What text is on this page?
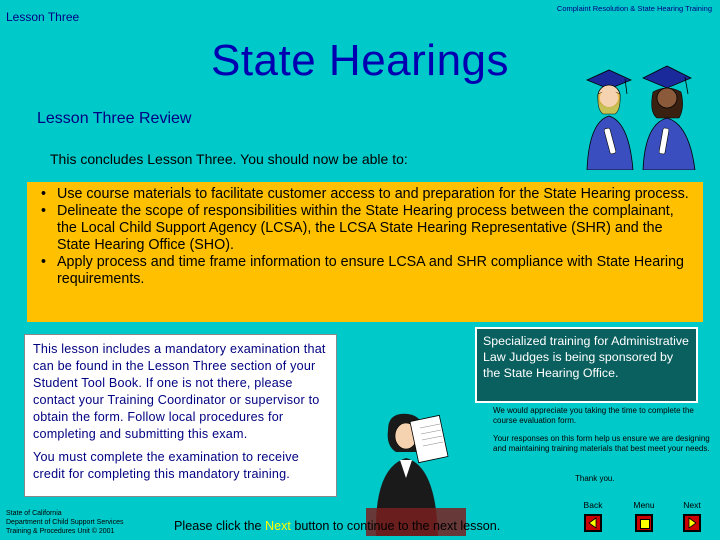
Lesson Three
Complaint Resolution & State Hearing Training
State Hearings
Lesson Three Review
This concludes Lesson Three. You should now be able to:
• Use course materials to facilitate customer access to and preparation for the State Hearing process.
• Delineate the scope of responsibilities within the State Hearing process between the complainant, the Local Child Support Agency (LCSA), the LCSA State Hearing Representative (SHR) and the State Hearing Office (SHO).
• Apply process and time frame information to ensure LCSA and SHR compliance with State Hearing requirements.

This lesson includes a mandatory examination that can be found in the Lesson Three section of your Student Tool Book. If one is not there, please contact your Training Coordinator or supervisor to obtain the form. Follow local procedures for completing and submitting this exam.

You must complete the examination to receive credit for completing this mandatory training.

Specialized training for Administrative Law Judges is being sponsored by the State Hearing Office.
We would appreciate you taking the time to complete the course evaluation form.
Your responses on this form help us ensure we are designing and maintaining training materials that best meet your needs.
Thank you.
State of California
Department of Child Support Services
Training & Procedures Unit © 2001	Please click the Next button to continue to the next lesson.
Back	Menu	Next
